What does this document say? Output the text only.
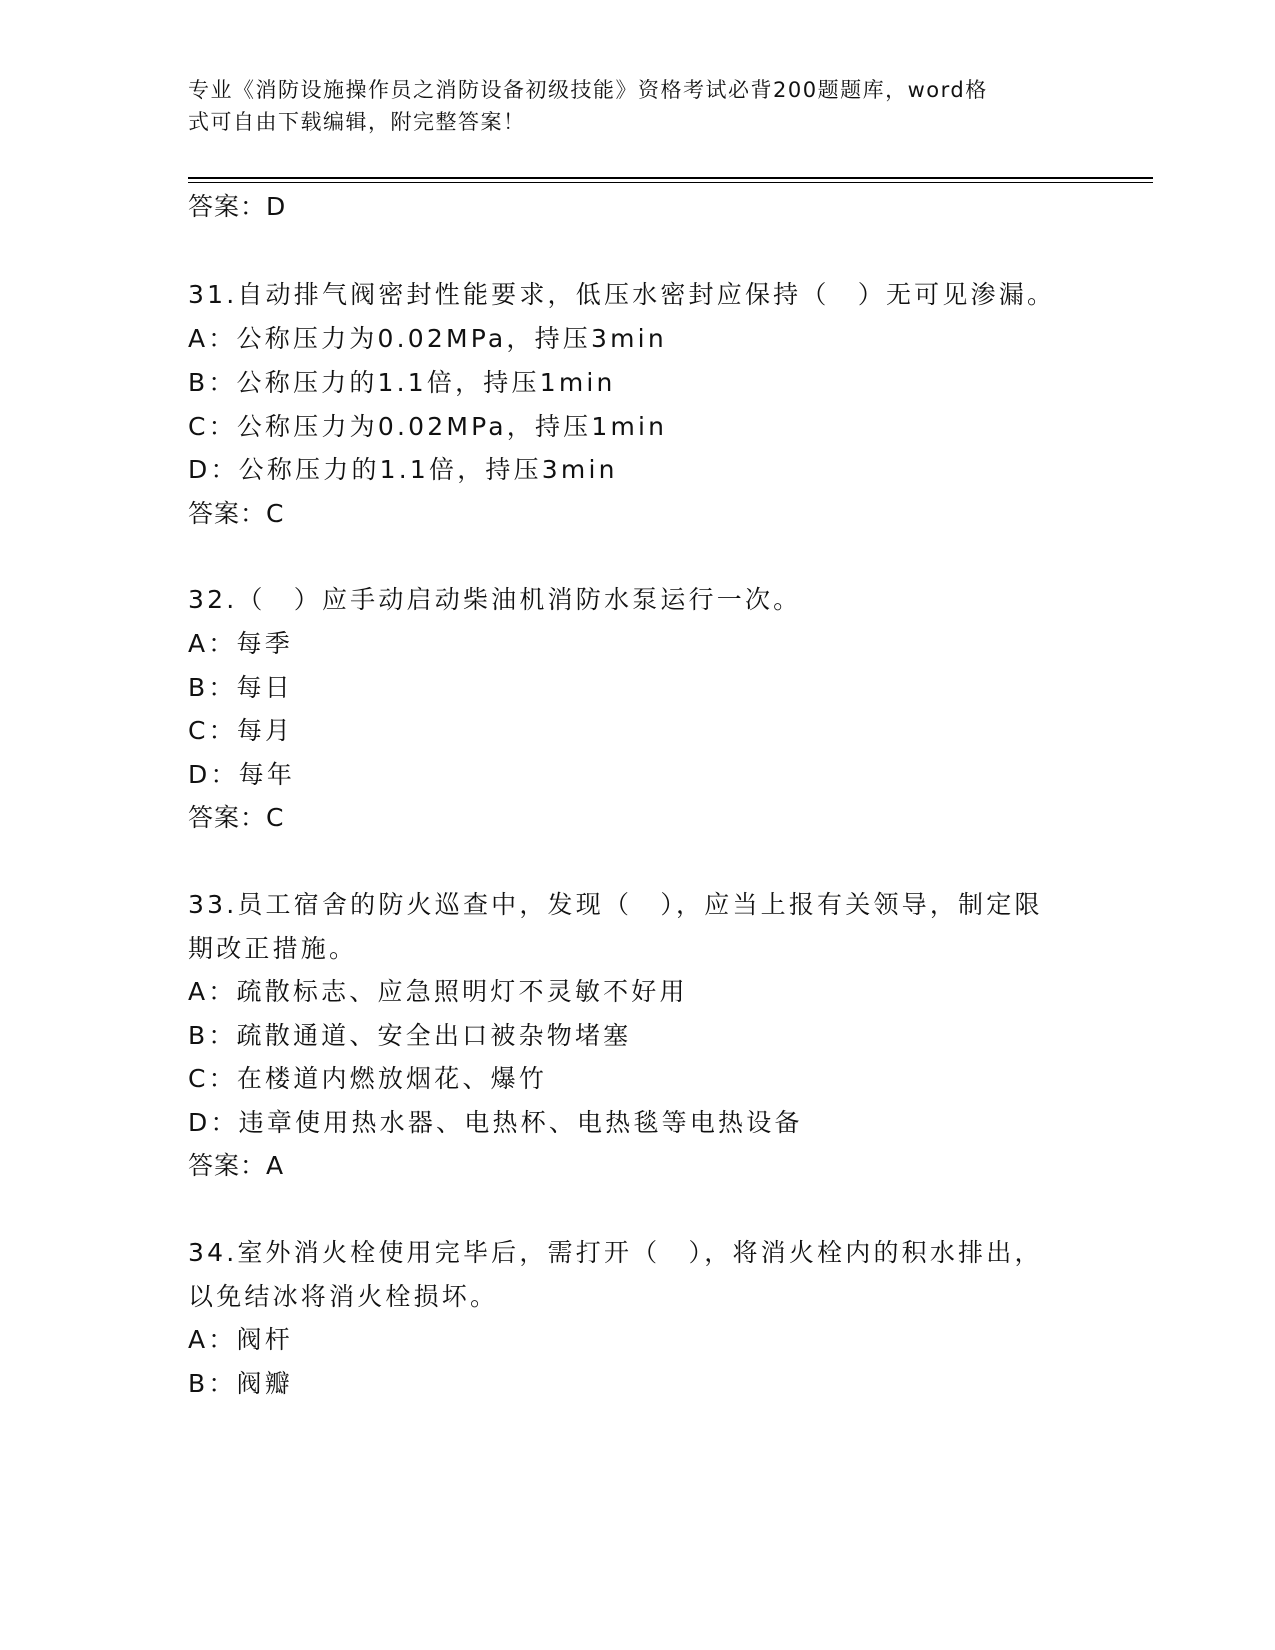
专业《消防设施操作员之消防设备初级技能》资格考试必背200题题库，word格
式可自由下载编辑，附完整答案！
答案：D
31.自动排气阀密封性能要求，低压水密封应保持（　）无可见渗漏。
A：公称压力为0.02MPa，持压3min
B：公称压力的1.1倍，持压1min
C：公称压力为0.02MPa，持压1min
D：公称压力的1.1倍，持压3min
答案：C
32.（　）应手动启动柴油机消防水泵运行一次。
A：每季
B：每日
C：每月
D：每年
答案：C
33.员工宿舍的防火巡查中，发现（　），应当上报有关领导，制定限
期改正措施。
A：疏散标志、应急照明灯不灵敏不好用
B：疏散通道、安全出口被杂物堵塞
C：在楼道内燃放烟花、爆竹
D：违章使用热水器、电热杯、电热毯等电热设备
答案：A
34.室外消火栓使用完毕后，需打开（　），将消火栓内的积水排出，
以免结冰将消火栓损坏。
A：阀杆
B：阀瓣
